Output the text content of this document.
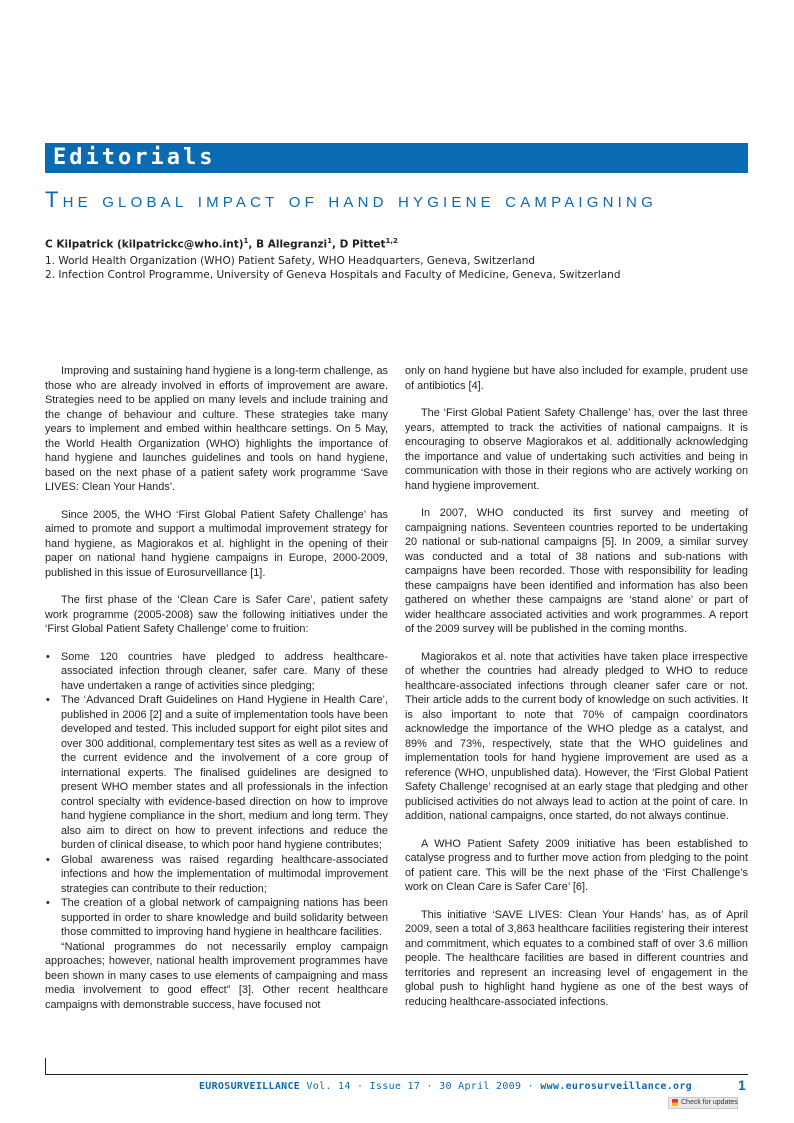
Editorials
The global impact of hand hygiene campaigning
C Kilpatrick (kilpatrickc@who.int)$^1$, B Allegranzi$^1$, D Pittet$^{1,2}$
1. World Health Organization (WHO) Patient Safety, WHO Headquarters, Geneva, Switzerland
2. Infection Control Programme, University of Geneva Hospitals and Faculty of Medicine, Geneva, Switzerland

Improving and sustaining hand hygiene is a long-term challenge, as those who are already involved in efforts of improvement are aware. Strategies need to be applied on many levels and include training and the change of behaviour and culture. These strategies take many years to implement and embed within healthcare settings. On 5 May, the World Health Organization (WHO) highlights the importance of hand hygiene and launches guidelines and tools on hand hygiene, based on the next phase of a patient safety work programme ‘Save LIVES: Clean Your Hands’.

Since 2005, the WHO ‘First Global Patient Safety Challenge’ has aimed to promote and support a multimodal improvement strategy for hand hygiene, as Magiorakos et al. highlight in the opening of their paper on national hand hygiene campaigns in Europe, 2000-2009, published in this issue of Eurosurveillance [1].

The first phase of the ‘Clean Care is Safer Care’, patient safety work programme (2005-2008) saw the following initiatives under the ‘First Global Patient Safety Challenge’ come to fruition:

• Some 120 countries have pledged to address healthcare-associated infection through cleaner, safer care. Many of these have undertaken a range of activities since pledging;
• The ‘Advanced Draft Guidelines on Hand Hygiene in Health Care’, published in 2006 [2] and a suite of implementation tools have been developed and tested. This included support for eight pilot sites and over 300 additional, complementary test sites as well as a review of the current evidence and the involvement of a core group of international experts. The finalised guidelines are designed to present WHO member states and all professionals in the infection control specialty with evidence-based direction on how to improve hand hygiene compliance in the short, medium and long term. They also aim to direct on how to prevent infections and reduce the burden of clinical disease, to which poor hand hygiene contributes;
• Global awareness was raised regarding healthcare-associated infections and how the implementation of multimodal improvement strategies can contribute to their reduction;
• The creation of a global network of campaigning nations has been supported in order to share knowledge and build solidarity between those committed to improving hand hygiene in healthcare facilities.

“National programmes do not necessarily employ campaign approaches; however, national health improvement programmes have been shown in many cases to use elements of campaigning and mass media involvement to good effect” [3]. Other recent healthcare campaigns with demonstrable success, have focused not

only on hand hygiene but have also included for example, prudent use of antibiotics [4].

The ‘First Global Patient Safety Challenge’ has, over the last three years, attempted to track the activities of national campaigns. It is encouraging to observe Magiorakos et al. additionally acknowledging the importance and value of undertaking such activities and being in communication with those in their regions who are actively working on hand hygiene improvement.

In 2007, WHO conducted its first survey and meeting of campaigning nations. Seventeen countries reported to be undertaking 20 national or sub-national campaigns [5]. In 2009, a similar survey was conducted and a total of 38 nations and sub-nations with campaigns have been recorded. Those with responsibility for leading these campaigns have been identified and information has also been gathered on whether these campaigns are ‘stand alone’ or part of wider healthcare associated activities and work programmes. A report of the 2009 survey will be published in the coming months.

Magiorakos et al. note that activities have taken place irrespective of whether the countries had already pledged to WHO to reduce healthcare-associated infections through cleaner safer care or not. Their article adds to the current body of knowledge on such activities. It is also important to note that 70% of campaign coordinators acknowledge the importance of the WHO pledge as a catalyst, and 89% and 73%, respectively, state that the WHO guidelines and implementation tools for hand hygiene improvement are used as a reference (WHO, unpublished data). However, the ‘First Global Patient Safety Challenge’ recognised at an early stage that pledging and other publicised activities do not always lead to action at the point of care. In addition, national campaigns, once started, do not always continue.

A WHO Patient Safety 2009 initiative has been established to catalyse progress and to further move action from pledging to the point of patient care. This will be the next phase of the ‘First Challenge’s work on Clean Care is Safer Care’ [6].

This initiative ‘SAVE LIVES: Clean Your Hands’ has, as of April 2009, seen a total of 3,863 healthcare facilities registering their interest and commitment, which equates to a combined staff of over 3.6 million people. The healthcare facilities are based in different countries and territories and represent an increasing level of engagement in the global push to highlight hand hygiene as one of the best ways of reducing healthcare-associated infections.

EUROSURVEILLANCE Vol. 14 · Issue 17 · 30 April 2009 · www.eurosurveillance.org	1
Check for updates
